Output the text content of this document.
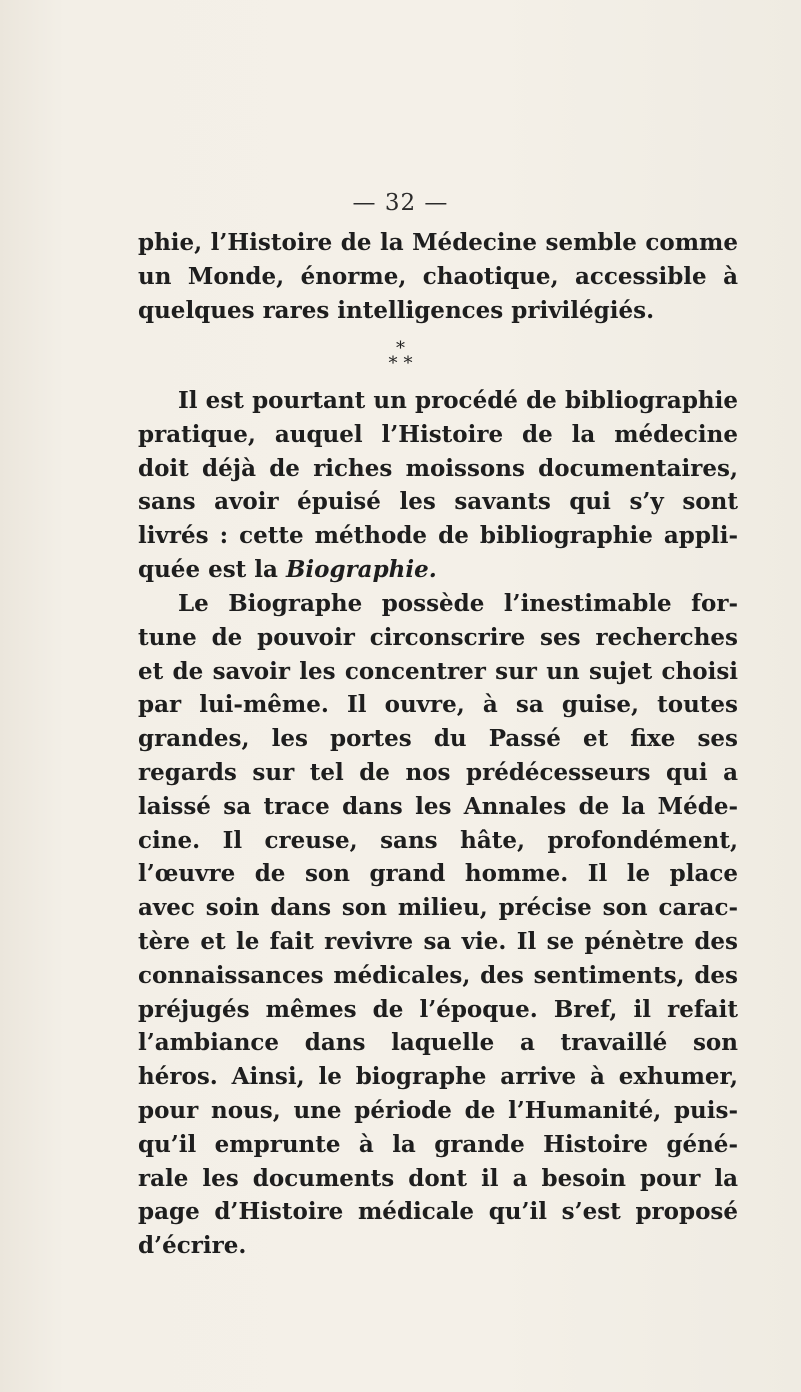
— 32 —
phie, l’Histoire de la Médecine semble comme
un Monde, énorme, chaotique, accessible à
quelques rares intelligences privilégiés.
*
**
Il est pourtant un procédé de bibliographie
pratique, auquel l’Histoire de la médecine
doit déjà de riches moissons documentaires,
sans avoir épuisé les savants qui s’y sont
livrés : cette méthode de bibliographie appli-
quée est la Biographie.
Le Biographe possède l’inestimable for-
tune de pouvoir circonscrire ses recherches
et de savoir les concentrer sur un sujet choisi
par lui-même. Il ouvre, à sa guise, toutes
grandes, les portes du Passé et fixe ses
regards sur tel de nos prédécesseurs qui a
laissé sa trace dans les Annales de la Méde-
cine. Il creuse, sans hâte, profondément,
l’œuvre de son grand homme. Il le place
avec soin dans son milieu, précise son carac-
tère et le fait revivre sa vie. Il se pénètre des
connaissances médicales, des sentiments, des
préjugés mêmes de l’époque. Bref, il refait
l’ambiance dans laquelle a travaillé son
héros. Ainsi, le biographe arrive à exhumer,
pour nous, une période de l’Humanité, puis-
qu’il emprunte à la grande Histoire géné-
rale les documents dont il a besoin pour la
page d’Histoire médicale qu’il s’est proposé
d’écrire.
